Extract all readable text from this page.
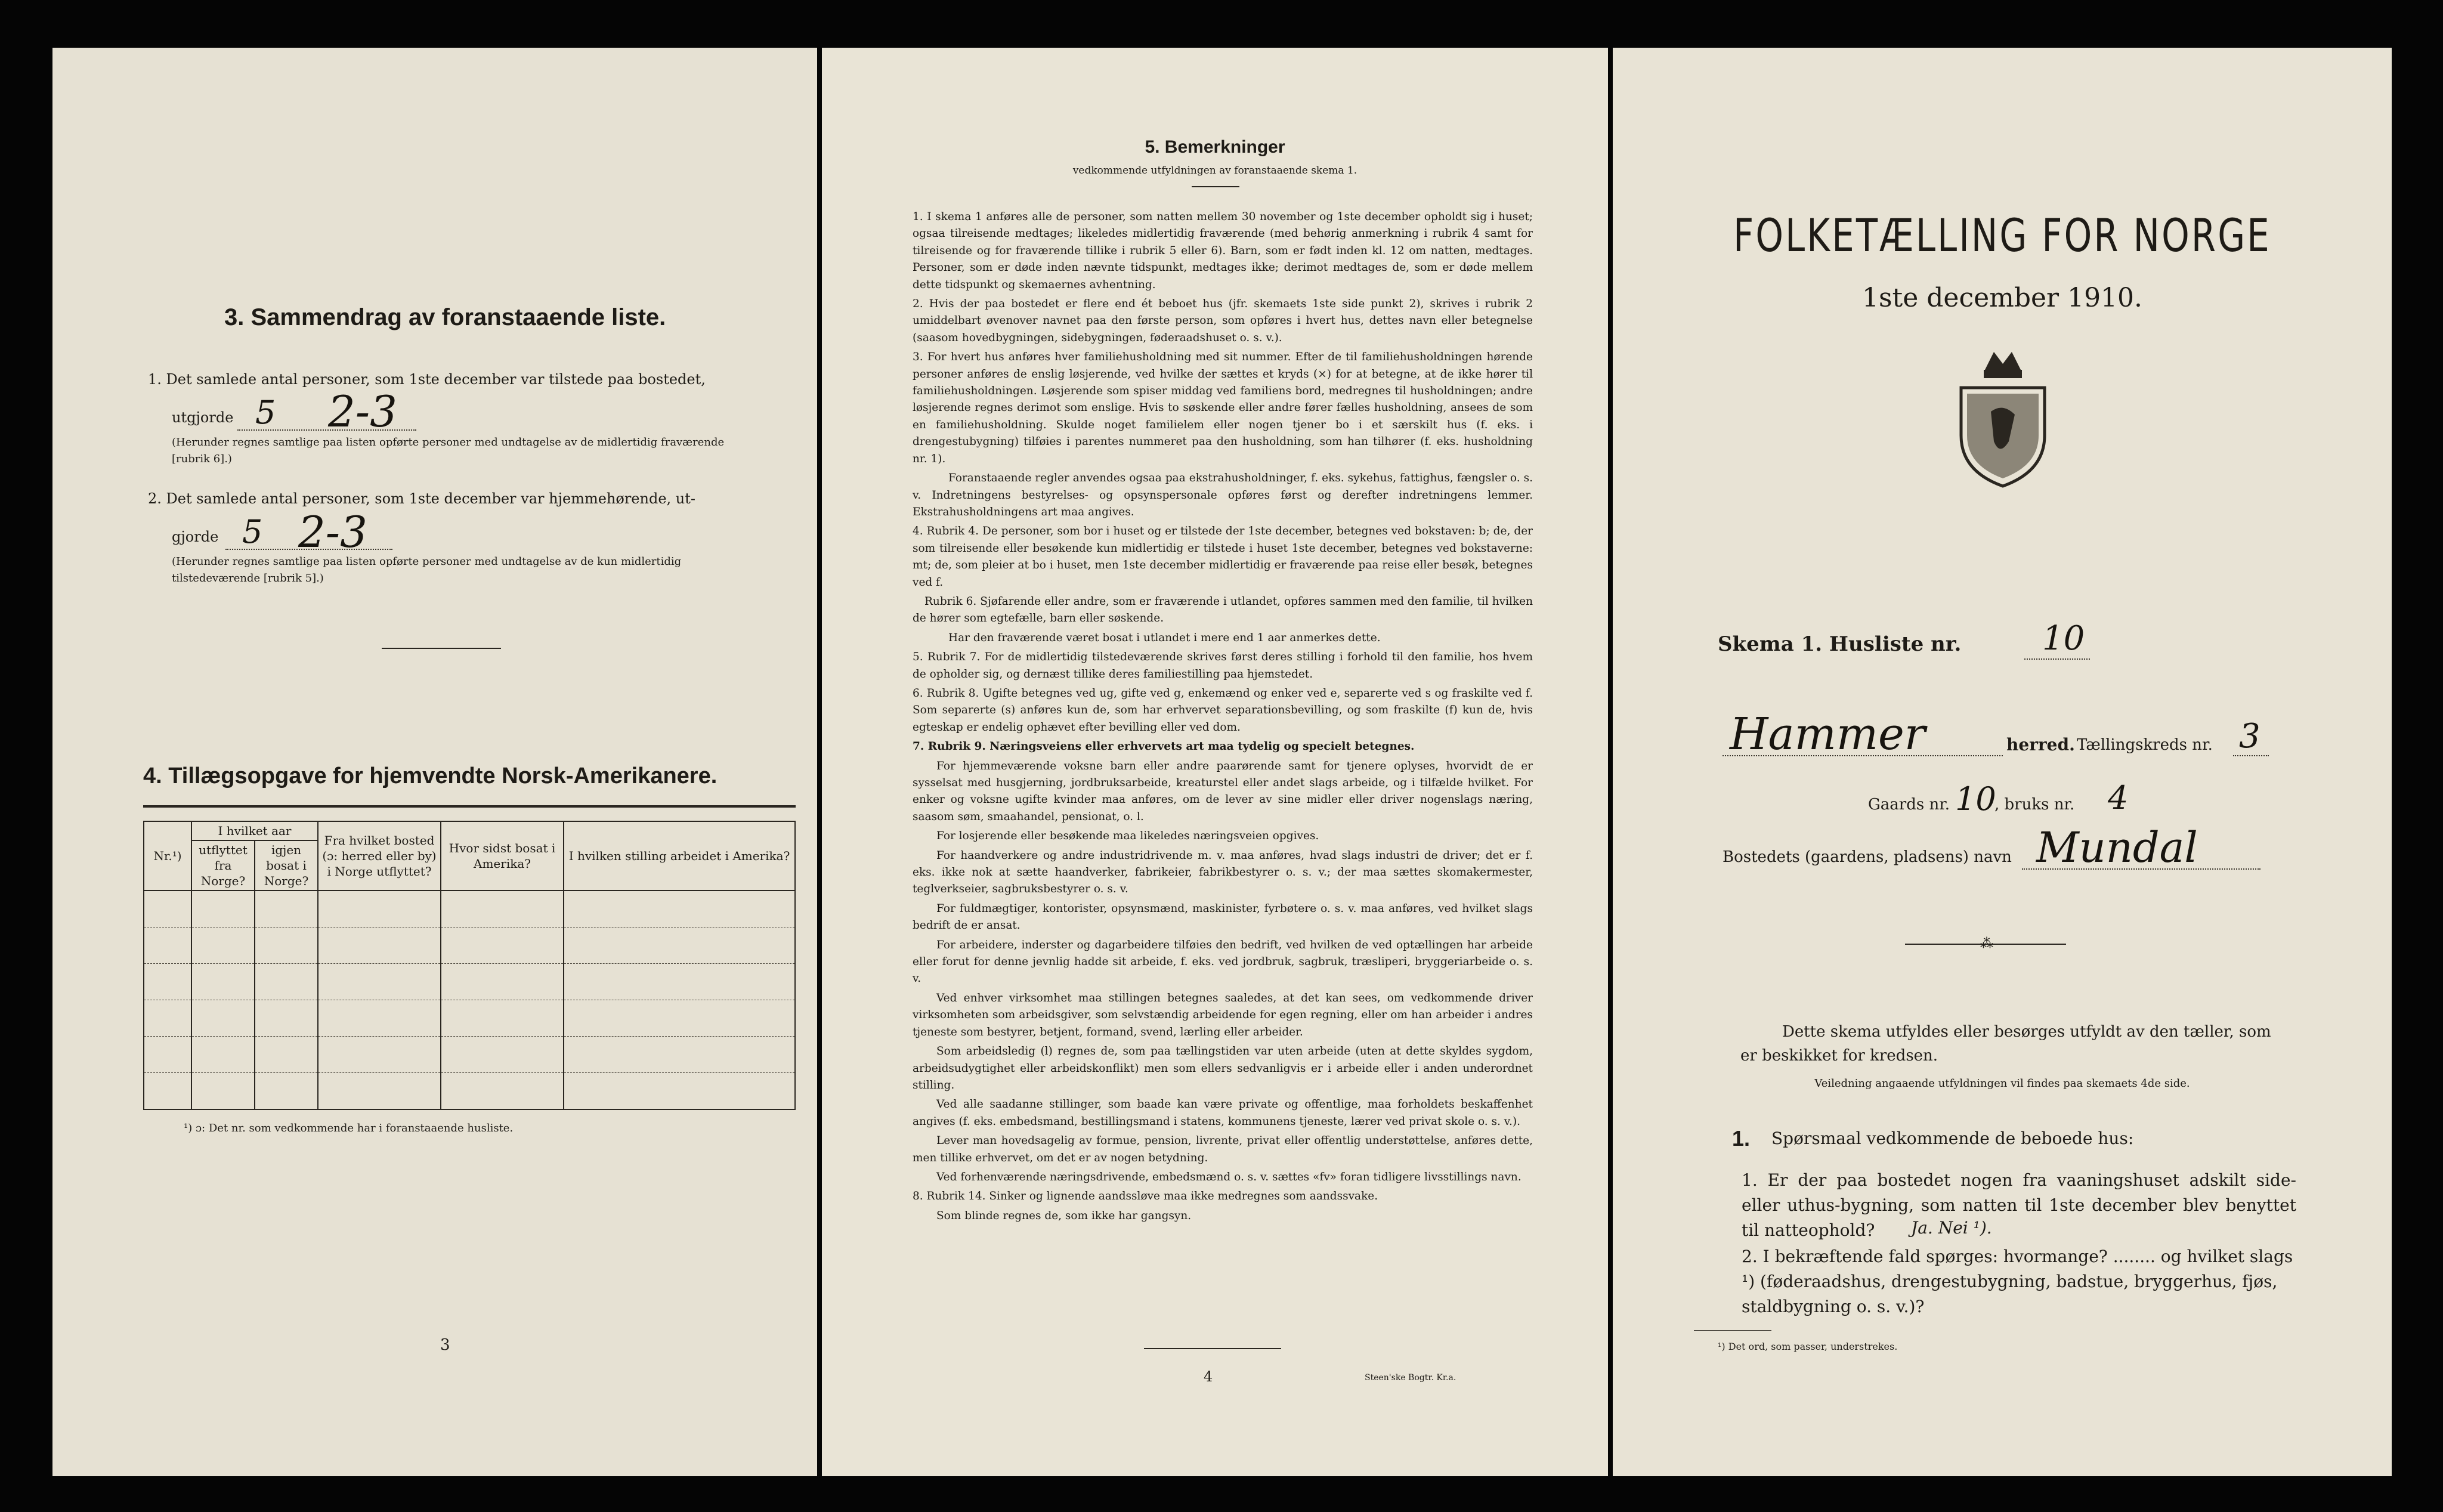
3. Sammendrag av foranstaaende liste.
1. Det samlede antal personer, som 1ste december var tilstede paa bostedet,
utgjorde 5 2-3
(Herunder regnes samtlige paa listen opførte personer med undtagelse av de midlertidig fraværende [rubrik 6].)
2. Det samlede antal personer, som 1ste december var hjemmehørende, ut-
gjorde 5 2-3
(Herunder regnes samtlige paa listen opførte personer med undtagelse av de kun midlertidig tilstedeværende [rubrik 5].)
4. Tillægsopgave for hjemvendte Norsk-Amerikanere.
Nr.¹)	I hvilket aar		Fra hvilket bosted (ɔ: herred eller by) i Norge utflyttet?	Hvor sidst bosat i Amerika?	I hvilken stilling arbeidet i Amerika?
	utflyttet fra Norge?	igjen bosat i Norge?			

¹) ɔ: Det nr. som vedkommende har i foranstaaende husliste.
3
5. Bemerkninger
vedkommende utfyldningen av foranstaaende skema 1.

1. I skema 1 anføres alle de personer, som natten mellem 30 november og 1ste december opholdt sig i huset; ogsaa tilreisende medtages; likeledes midlertidig fraværende (med behørig anmerkning i rubrik 4 samt for tilreisende og for fraværende tillike i rubrik 5 eller 6). Barn, som er født inden kl. 12 om natten, medtages. Personer, som er døde inden nævnte tidspunkt, medtages ikke; derimot medtages de, som er døde mellem dette tidspunkt og skemaernes avhentning.

2. Hvis der paa bostedet er flere end ét beboet hus (jfr. skemaets 1ste side punkt 2), skrives i rubrik 2 umiddelbart øvenover navnet paa den første person, som opføres i hvert hus, dettes navn eller betegnelse (saasom hovedbygningen, sidebygningen, føderaadshuset o. s. v.).

3. For hvert hus anføres hver familiehusholdning med sit nummer. Efter de til familiehusholdningen hørende personer anføres de enslig løsjerende, ved hvilke der sættes et kryds (×) for at betegne, at de ikke hører til familiehusholdningen. Løsjerende som spiser middag ved familiens bord, medregnes til husholdningen; andre løsjerende regnes derimot som enslige. Hvis to søskende eller andre fører fælles husholdning, ansees de som en familiehusholdning. Skulde noget familielem eller nogen tjener bo i et særskilt hus (f. eks. i drengestubygning) tilføies i parentes nummeret paa den husholdning, som han tilhører (f. eks. husholdning nr. 1).

Foranstaaende regler anvendes ogsaa paa ekstrahusholdninger, f. eks. sykehus, fattighus, fængsler o. s. v. Indretningens bestyrelses- og opsynspersonale opføres først og derefter indretningens lemmer. Ekstrahusholdningens art maa angives.

4. Rubrik 4. De personer, som bor i huset og er tilstede der 1ste december, betegnes ved bokstaven: b; de, der som tilreisende eller besøkende kun midlertidig er tilstede i huset 1ste december, betegnes ved bokstaverne: mt; de, som pleier at bo i huset, men 1ste december midlertidig er fraværende paa reise eller besøk, betegnes ved f.

Rubrik 6. Sjøfarende eller andre, som er fraværende i utlandet, opføres sammen med den familie, til hvilken de hører som egtefælle, barn eller søskende.

Har den fraværende været bosat i utlandet i mere end 1 aar anmerkes dette.

5. Rubrik 7. For de midlertidig tilstedeværende skrives først deres stilling i forhold til den familie, hos hvem de opholder sig, og dernæst tillike deres familiestilling paa hjemstedet.

6. Rubrik 8. Ugifte betegnes ved ug, gifte ved g, enkemænd og enker ved e, separerte ved s og fraskilte ved f. Som separerte (s) anføres kun de, som har erhvervet separationsbevilling, og som fraskilte (f) kun de, hvis egteskap er endelig ophævet efter bevilling eller ved dom.

7. Rubrik 9. Næringsveiens eller erhvervets art maa tydelig og specielt betegnes.

For hjemmeværende voksne barn eller andre paarørende samt for tjenere oplyses, hvorvidt de er sysselsat med husgjerning, jordbruksarbeide, kreaturstel eller andet slags arbeide, og i tilfælde hvilket. For enker og voksne ugifte kvinder maa anføres, om de lever av sine midler eller driver nogenslags næring, saasom søm, smaahandel, pensionat, o. l.

For losjerende eller besøkende maa likeledes næringsveien opgives.

For haandverkere og andre industridrivende m. v. maa anføres, hvad slags industri de driver; det er f. eks. ikke nok at sætte haandverker, fabrikeier, fabrikbestyrer o. s. v.; der maa sættes skomakermester, teglverkseier, sagbruksbestyrer o. s. v.

For fuldmægtiger, kontorister, opsynsmænd, maskinister, fyrbøtere o. s. v. maa anføres, ved hvilket slags bedrift de er ansat.

For arbeidere, inderster og dagarbeidere tilføies den bedrift, ved hvilken de ved optællingen har arbeide eller forut for denne jevnlig hadde sit arbeide, f. eks. ved jordbruk, sagbruk, træsliperi, bryggeriarbeide o. s. v.

Ved enhver virksomhet maa stillingen betegnes saaledes, at det kan sees, om vedkommende driver virksomheten som arbeidsgiver, som selvstændig arbeidende for egen regning, eller om han arbeider i andres tjeneste som bestyrer, betjent, formand, svend, lærling eller arbeider.

Som arbeidsledig (l) regnes de, som paa tællingstiden var uten arbeide (uten at dette skyldes sygdom, arbeidsudygtighet eller arbeidskonflikt) men som ellers sedvanligvis er i arbeide eller i anden underordnet stilling.

Ved alle saadanne stillinger, som baade kan være private og offentlige, maa forholdets beskaffenhet angives (f. eks. embedsmand, bestillingsmand i statens, kommunens tjeneste, lærer ved privat skole o. s. v.).

Lever man hovedsagelig av formue, pension, livrente, privat eller offentlig understøttelse, anføres dette, men tillike erhvervet, om det er av nogen betydning.

Ved forhenværende næringsdrivende, embedsmænd o. s. v. sættes «fv» foran tidligere livsstillings navn.

8. Rubrik 14. Sinker og lignende aandssløve maa ikke medregnes som aandssvake.

Som blinde regnes de, som ikke har gangsyn.

4	Steen'ske Bogtr. Kr.a.
FOLKETÆLLING FOR NORGE
1ste december 1910.
Skema 1. Husliste nr. 10
Hammer	herred. Tællingskreds nr. 3
Gaards nr. 10
, bruks nr. 4
Bostedets (gaardens, pladsens) navn Mundal
⁂
Dette skema utfyldes eller besørges utfyldt av den tæller, som er beskikket for kredsen.
Veiledning angaaende utfyldningen vil findes paa skemaets 4de side.
1. Spørsmaal vedkommende de beboede hus:
1. Er der paa bostedet nogen fra vaaningshuset adskilt side- eller uthus-bygning, som natten til 1ste december blev benyttet til natteophold?	Ja. Nei ¹).
2. I bekræftende fald spørges: hvormange? ........ og hvilket slags ¹) (føderaadshus, drengestubygning, badstue, bryggerhus, fjøs, staldbygning o. s. v.)?
¹) Det ord, som passer, understrekes.
